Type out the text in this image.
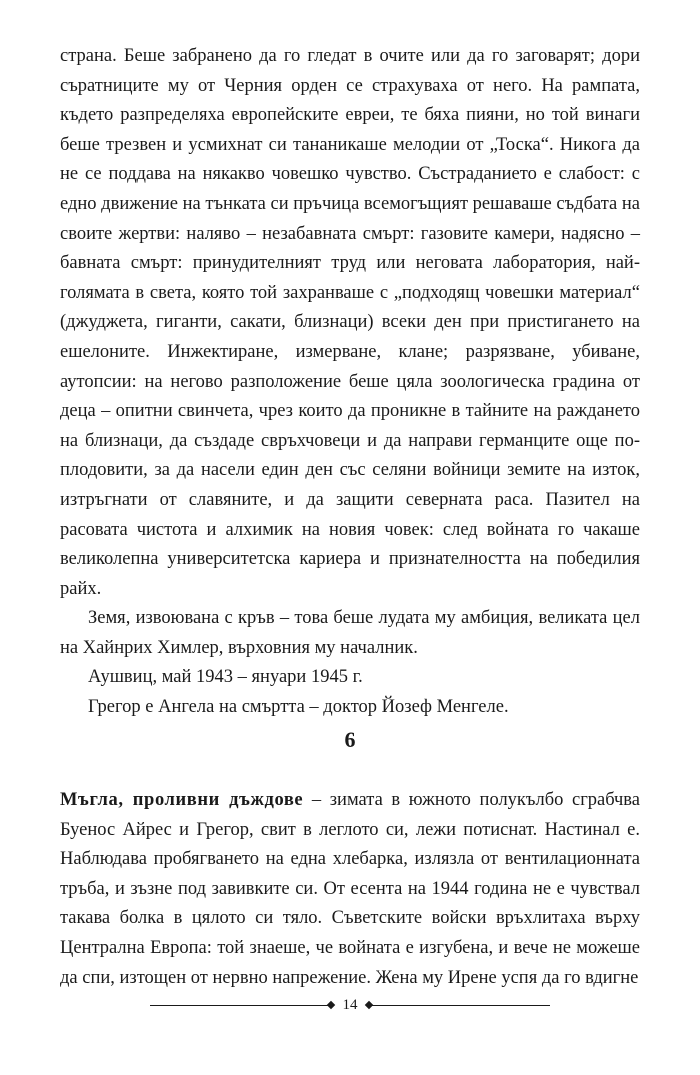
страна. Беше забранено да го гледат в очите или да го заговарят; дори съратниците му от Черния орден се страхуваха от него. На рампата, където разпределяха европейските евреи, те бяха пияни, но той винаги беше трезвен и усмихнат си тананикаше мелодии от „Тоска“. Никога да не се поддава на някакво човешко чувство. Състраданието е слабост: с едно движение на тънката си пръчица всемогъщият решаваше съдбата на своите жертви: наляво – незабавната смърт: газовите камери, надясно – бавната смърт: принудителният труд или неговата лаборатория, най-голямата в света, която той захранваше с „подходящ човешки материал“ (джуджета, гиганти, сакати, близнаци) всеки ден при пристигането на ешелоните. Инжектиране, измерване, клане; разрязване, убиване, аутопсии: на негово разположение беше цяла зоологическа градина от деца – опитни свинчета, чрез които да проникне в тайните на раждането на близнаци, да създаде свръхчовеци и да направи германците още по-плодовити, за да насели един ден със селяни войници земите на изток, изтръгнати от славяните, и да защити северната раса. Пазител на расовата чистота и алхимик на новия човек: след войната го чакаше великолепна университетска кариера и признателността на победилия райх.

Земя, извоювана с кръв – това беше лудата му амбиция, великата цел на Хайнрих Химлер, върховния му началник.

Аушвиц, май 1943 – януари 1945 г.

Грегор е Ангела на смъртта – доктор Йозеф Менгеле.

6

Мъгла, проливни дъждове – зимата в южното полукълбо сграбчва Буенос Айрес и Грегор, свит в леглото си, лежи потиснат. Настинал е. Наблюдава пробягването на една хлебарка, излязла от вентилационната тръба, и зъзне под завивките си. От есента на 1944 година не е чувствал такава болка в цялото си тяло. Съветските войски връхлитаха върху Централна Европа: той знаеше, че войната е изгубена, и вече не можеше да спи, изтощен от нервно напрежение. Жена му Ирене успя да го вдигне

14
